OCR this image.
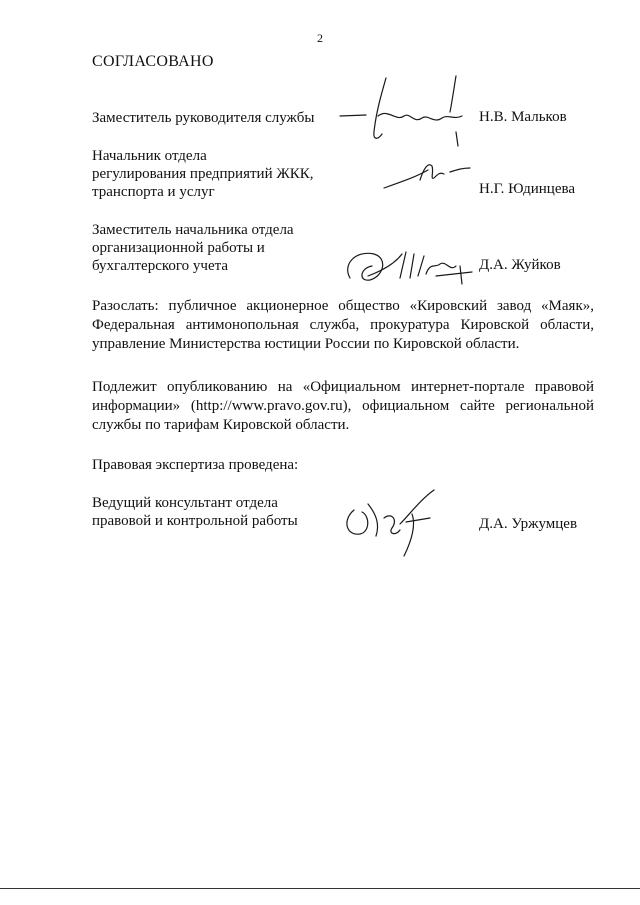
2
СОГЛАСОВАНО
Заместитель руководителя службы	Н.В. Мальков
Начальник отдела
регулирования предприятий ЖКК,
транспорта и услуг	Н.Г. Юдинцева
Заместитель начальника отдела
организационной работы и
бухгалтерского учета	Д.А. Жуйков
Разослать: публичное акционерное общество «Кировский завод «Маяк», Федеральная антимонопольная служба, прокуратура Кировской области, управление Министерства юстиции России по Кировской области.
Подлежит опубликованию на «Официальном интернет-портале правовой информации» (http://www.pravo.gov.ru), официальном сайте региональной службы по тарифам Кировской области.
Правовая экспертиза проведена:
Ведущий консультант отдела
правовой и контрольной работы	Д.А. Уржумцев
